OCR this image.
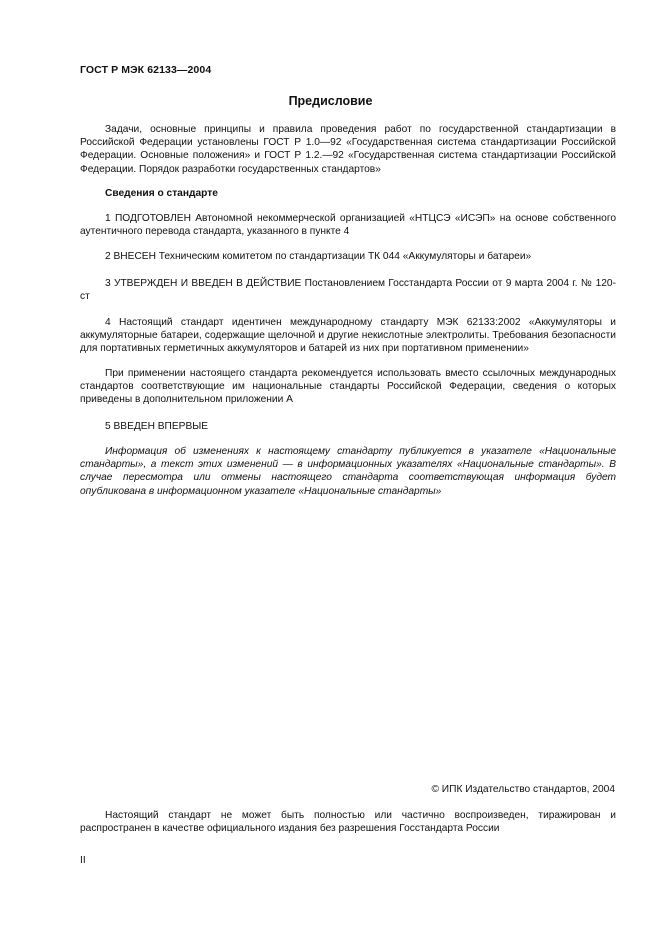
ГОСТ Р МЭК 62133—2004
Предисловие

Задачи, основные принципы и правила проведения работ по государственной стандартизации в Российской Федерации установлены ГОСТ Р 1.0—92 «Государственная система стандартизации Российской Федерации. Основные положения» и ГОСТ Р 1.2.—92 «Государственная система стандартизации Российской Федерации. Порядок разработки государственных стандартов»

Сведения о стандарте

1 ПОДГОТОВЛЕН Автономной некоммерческой организацией «НТЦСЭ «ИСЭП» на основе собственного аутентичного перевода стандарта, указанного в пункте 4

2 ВНЕСЕН Техническим комитетом по стандартизации ТК 044 «Аккумуляторы и батареи»

3 УТВЕРЖДЕН И ВВЕДЕН В ДЕЙСТВИЕ Постановлением Госстандарта России от 9 марта 2004 г. № 120-ст

4 Настоящий стандарт идентичен международному стандарту МЭК 62133:2002 «Аккумуляторы и аккумуляторные батареи, содержащие щелочной и другие некислотные электролиты. Требования безопасности для портативных герметичных аккумуляторов и батарей из них при портативном применении»

При применении настоящего стандарта рекомендуется использовать вместо ссылочных международных стандартов соответствующие им национальные стандарты Российской Федерации, сведения о которых приведены в дополнительном приложении А

5 ВВЕДЕН ВПЕРВЫЕ

Информация об изменениях к настоящему стандарту публикуется в указателе «Национальные стандарты», а текст этих изменений — в информационных указателях «Национальные стандарты». В случае пересмотра или отмены настоящего стандарта соответствующая информация будет опубликована в информационном указателе «Национальные стандарты»

© ИПК Издательство стандартов, 2004

Настоящий стандарт не может быть полностью или частично воспроизведен, тиражирован и распространен в качестве официального издания без разрешения Госстандарта России

II
